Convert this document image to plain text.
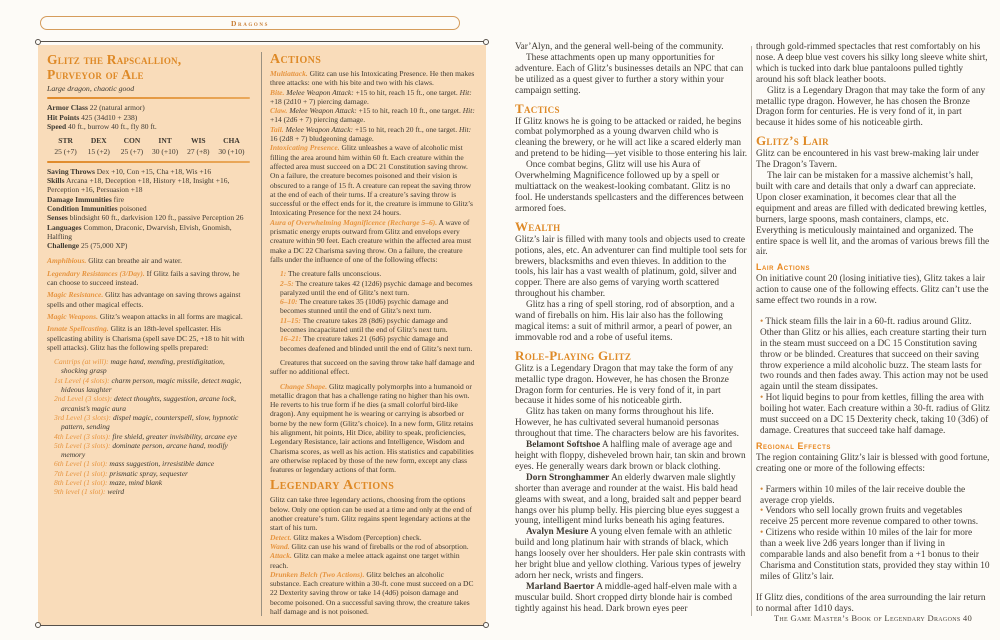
Dragons
Glitz the Rapscallion,
Purveyor of Ale
Large dragon, chaotic good

Armor Class 22 (natural armor)

Hit Points 425 (34d10 + 238)

Speed 40 ft., burrow 40 ft., fly 80 ft.

STR
25 (+7)
DEX
15 (+2)
CON
25 (+7)
INT
30 (+10)
WIS
27 (+8)
CHA
30 (+10)

Saving Throws Dex +10, Con +15, Cha +18, Wis +16

Skills Arcana +18, Deception +18, History +18, Insight +16, Perception +16, Persuasion +18

Damage Immunities fire

Condition Immunities poisoned

Senses blindsight 60 ft., darkvision 120 ft., passive Perception 26

Languages Common, Draconic, Dwarvish, Elvish, Gnomish, Halfling

Challenge 25 (75,000 XP)

Amphibious. Glitz can breathe air and water.

Legendary Resistances (3/Day). If Glitz fails a saving throw, he can choose to succeed instead.

Magic Resistance. Glitz has advantage on saving throws against spells and other magical effects.

Magic Weapons. Glitz’s weapon attacks in all forms are magical.

Innate Spellcasting. Glitz is an 18th-level spellcaster. His spellcasting ability is Charisma (spell save DC 25, +18 to hit with spell attacks). Glitz has the following spells prepared:

Cantrips (at will): mage hand, mending, prestidigitation, shocking grasp

1st Level (4 slots): charm person, magic missile, detect magic, hideous laughter

2nd Level (3 slots): detect thoughts, suggestion, arcane lock, arcanist’s magic aura

3rd Level (3 slots): dispel magic, counterspell, slow, hypnotic pattern, sending

4th Level (3 slots): fire shield, greater invisibility, arcane eye

5th Level (3 slots): dominate person, arcane hand, modify memory

6th Level (1 slot): mass suggestion, irresistible dance

7th Level (1 slot): prismatic spray, sequester

8th Level (1 slot): maze, mind blank

9th level (1 slot): weird

Actions

Multiattack. Glitz can use his Intoxicating Presence. He then makes three attacks: one with his bite and two with his claws.

Bite. Melee Weapon Attack: +15 to hit, reach 15 ft., one target. Hit: +18 (2d10 + 7) piercing damage.

Claw. Melee Weapon Attack: +15 to hit, reach 10 ft., one target. Hit: +14 (2d6 + 7) piercing damage.

Tail. Melee Weapon Attack: +15 to hit, reach 20 ft., one target. Hit: 16 (2d8 + 7) bludgeoning damage.

Intoxicating Presence. Glitz unleashes a wave of alcoholic mist filling the area around him within 60 ft. Each creature within the affected area must succeed on a DC 21 Constitution saving throw. On a failure, the creature becomes poisoned and their vision is obscured to a range of 15 ft. A creature can repeat the saving throw at the end of each of their turns. If a creature’s saving throw is successful or the effect ends for it, the creature is immune to Glitz’s Intoxicating Presence for the next 24 hours.

Aura of Overwhelming Magnificence (Recharge 5–6). A wave of prismatic energy erupts outward from Glitz and envelops every creature within 90 feet. Each creature within the affected area must make a DC 22 Charisma saving throw. On a failure, the creature falls under the influence of one of the following effects:

1: The creature falls unconscious.

2–5: The creature takes 42 (12d6) psychic damage and becomes paralyzed until the end of Glitz’s next turn.

6–10: The creature takes 35 (10d6) psychic damage and becomes stunned until the end of Glitz’s next turn.

11–15: The creature takes 28 (8d6) psychic damage and becomes incapacitated until the end of Glitz’s next turn.

16–21: The creature takes 21 (6d6) psychic damage and becomes deafened and blinded until the end of Glitz’s next turn.

Creatures that succeed on the saving throw take half damage and suffer no additional effect.

Change Shape. Glitz magically polymorphs into a humanoid or metallic dragon that has a challenge rating no higher than his own. He reverts to his true form if he dies (a small colorful bird-like dragon). Any equipment he is wearing or carrying is absorbed or borne by the new form (Glitz’s choice). In a new form, Glitz retains his alignment, hit points, Hit Dice, ability to speak, proficiencies, Legendary Resistance, lair actions and Intelligence, Wisdom and Charisma scores, as well as his action. His statistics and capabilities are otherwise replaced by those of the new form, except any class features or legendary actions of that form.

Legendary Actions

Glitz can take three legendary actions, choosing from the options below. Only one option can be used at a time and only at the end of another creature’s turn. Glitz regains spent legendary actions at the start of his turn.

Detect. Glitz makes a Wisdom (Perception) check.

Wand. Glitz can use his wand of fireballs or the rod of absorption.

Attack. Glitz can make a melee attack against one target within reach.

Drunken Belch (Two Actions). Glitz belches an alcoholic substance. Each creature within a 30-ft. cone must succeed on a DC 22 Dexterity saving throw or take 14 (4d6) poison damage and become poisoned. On a successful saving throw, the creature takes half damage and is not poisoned.

Var’Alyn, and the general well-being of the community.

These attachments open up many opportunities for adventure. Each of Glitz’s businesses details an NPC that can be utilized as a quest giver to further a story within your campaign setting.

Tactics

If Glitz knows he is going to be attacked or raided, he begins combat polymorphed as a young dwarven child who is cleaning the brewery, or he will act like a scared elderly man and pretend to be hiding—yet visible to those entering his lair.

Once combat begins, Glitz will use his Aura of Overwhelming Magnificence followed up by a spell or multiattack on the weakest-looking combatant. Glitz is no fool. He understands spellcasters and the differences between armored foes.

Wealth

Glitz’s lair is filled with many tools and objects used to create potions, ales, etc. An adventurer can find multiple tool sets for brewers, blacksmiths and even thieves. In addition to the tools, his lair has a vast wealth of platinum, gold, silver and copper. There are also gems of varying worth scattered throughout his chamber.

Glitz has a ring of spell storing, rod of absorption, and a wand of fireballs on him. His lair also has the following magical items: a suit of mithril armor, a pearl of power, an immovable rod and a robe of useful items.

Role-Playing Glitz

Glitz is a Legendary Dragon that may take the form of any metallic type dragon. However, he has chosen the Bronze Dragon form for centuries. He is very fond of it, in part because it hides some of his noticeable girth.

Glitz has taken on many forms throughout his life. However, he has cultivated several humanoid personas throughout that time. The characters below are his favorites.

Belamont Softshoe A halfling male of average age and height with floppy, disheveled brown hair, tan skin and brown eyes. He generally wears dark brown or black clothing.

Dorn Stronghammer An elderly dwarven male slightly shorter than average and rounder at the waist. His bald head gleams with sweat, and a long, braided salt and pepper beard hangs over his plump belly. His piercing blue eyes suggest a young, intelligent mind lurks beneath his aging features.

Avalyn Mesiure A young elven female with an athletic build and long platinum hair with strands of black, which hangs loosely over her shoulders. Her pale skin contrasts with her bright blue and yellow clothing. Various types of jewelry adorn her neck, wrists and fingers.

Marland Baertor A middle-aged half-elven male with a muscular build. Short cropped dirty blonde hair is combed tightly against his head. Dark brown eyes peer

through gold-rimmed spectacles that rest comfortably on his nose. A deep blue vest covers his silky long sleeve white shirt, which is tucked into dark blue pantaloons pulled tightly around his soft black leather boots.

Glitz is a Legendary Dragon that may take the form of any metallic type dragon. However, he has chosen the Bronze Dragon form for centuries. He is very fond of it, in part because it hides some of his noticeable girth.

Glitz’s Lair

Glitz can be encountered in his vast brew-making lair under The Dragon’s Tavern.

The lair can be mistaken for a massive alchemist’s hall, built with care and details that only a dwarf can appreciate. Upon closer examination, it becomes clear that all the equipment and areas are filled with dedicated brewing kettles, burners, large spoons, mash containers, clamps, etc. Everything is meticulously maintained and organized. The entire space is well lit, and the aromas of various brews fill the air.

Lair Actions

On initiative count 20 (losing initiative ties), Glitz takes a lair action to cause one of the following effects. Glitz can’t use the same effect two rounds in a row.

• Thick steam fills the lair in a 60-ft. radius around Glitz. Other than Glitz or his allies, each creature starting their turn in the steam must succeed on a DC 15 Constitution saving throw or be blinded. Creatures that succeed on their saving throw experience a mild alcoholic buzz. The steam lasts for two rounds and then fades away. This action may not be used again until the steam dissipates.

• Hot liquid begins to pour from kettles, filling the area with boiling hot water. Each creature within a 30-ft. radius of Glitz must succeed on a DC 15 Dexterity check, taking 10 (3d6) of damage. Creatures that succeed take half damage.

Regional Effects

The region containing Glitz’s lair is blessed with good fortune, creating one or more of the following effects:

• Farmers within 10 miles of the lair receive double the average crop yields.

• Vendors who sell locally grown fruits and vegetables receive 25 percent more revenue compared to other towns.

• Citizens who reside within 10 miles of the lair for more than a week live 2d6 years longer than if living in comparable lands and also benefit from a +1 bonus to their Charisma and Constitution stats, provided they stay within 10 miles of Glitz’s lair.

If Glitz dies, conditions of the area surrounding the lair return to normal after 1d10 days.

The Game Master’s Book of Legendary Dragons 40
